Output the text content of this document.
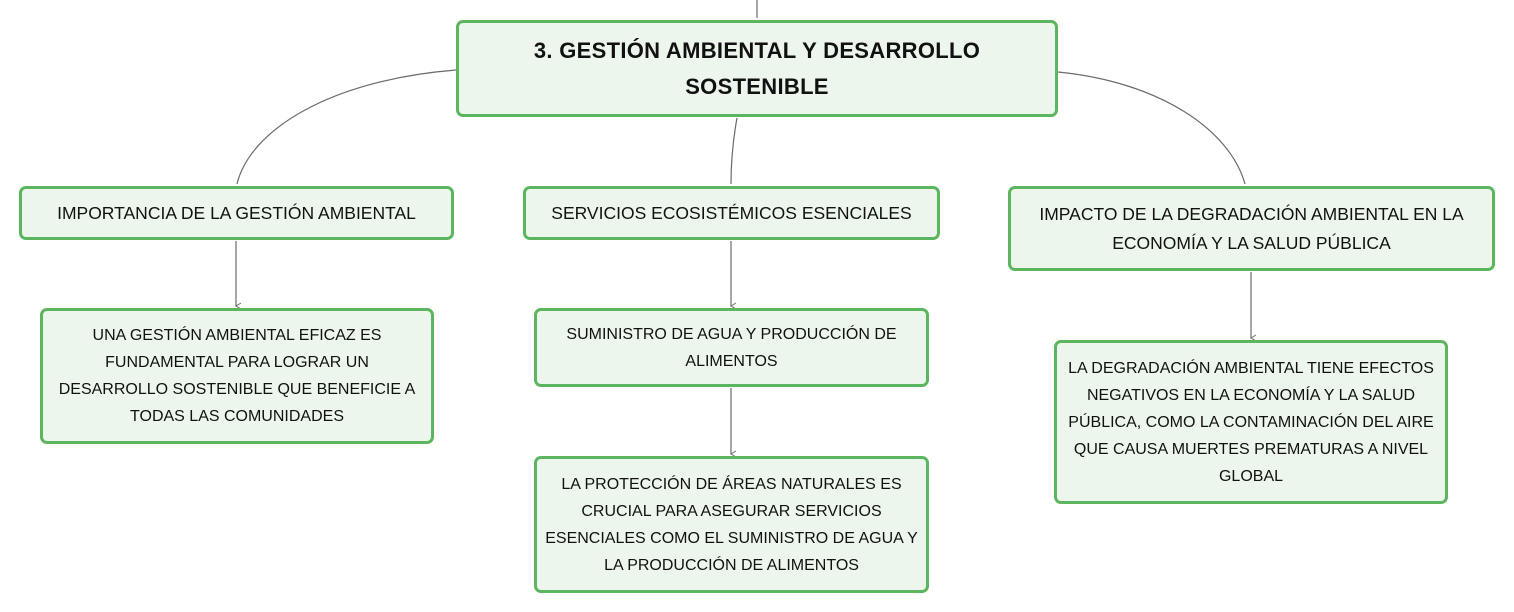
3. GESTIÓN AMBIENTAL Y DESARROLLO SOSTENIBLE
IMPORTANCIA DE LA GESTIÓN AMBIENTAL	SERVICIOS ECOSISTÉMICOS ESENCIALES	IMPACTO DE LA DEGRADACIÓN AMBIENTAL EN LA ECONOMÍA Y LA SALUD PÚBLICA
UNA GESTIÓN AMBIENTAL EFICAZ ES FUNDAMENTAL PARA LOGRAR UN DESARROLLO SOSTENIBLE QUE BENEFICIE A TODAS LAS COMUNIDADES
SUMINISTRO DE AGUA Y PRODUCCIÓN DE ALIMENTOS
LA PROTECCIÓN DE ÁREAS NATURALES ES CRUCIAL PARA ASEGURAR SERVICIOS ESENCIALES COMO EL SUMINISTRO DE AGUA Y LA PRODUCCIÓN DE ALIMENTOS
LA DEGRADACIÓN AMBIENTAL TIENE EFECTOS NEGATIVOS EN LA ECONOMÍA Y LA SALUD PÚBLICA, COMO LA CONTAMINACIÓN DEL AIRE QUE CAUSA MUERTES PREMATURAS A NIVEL GLOBAL
